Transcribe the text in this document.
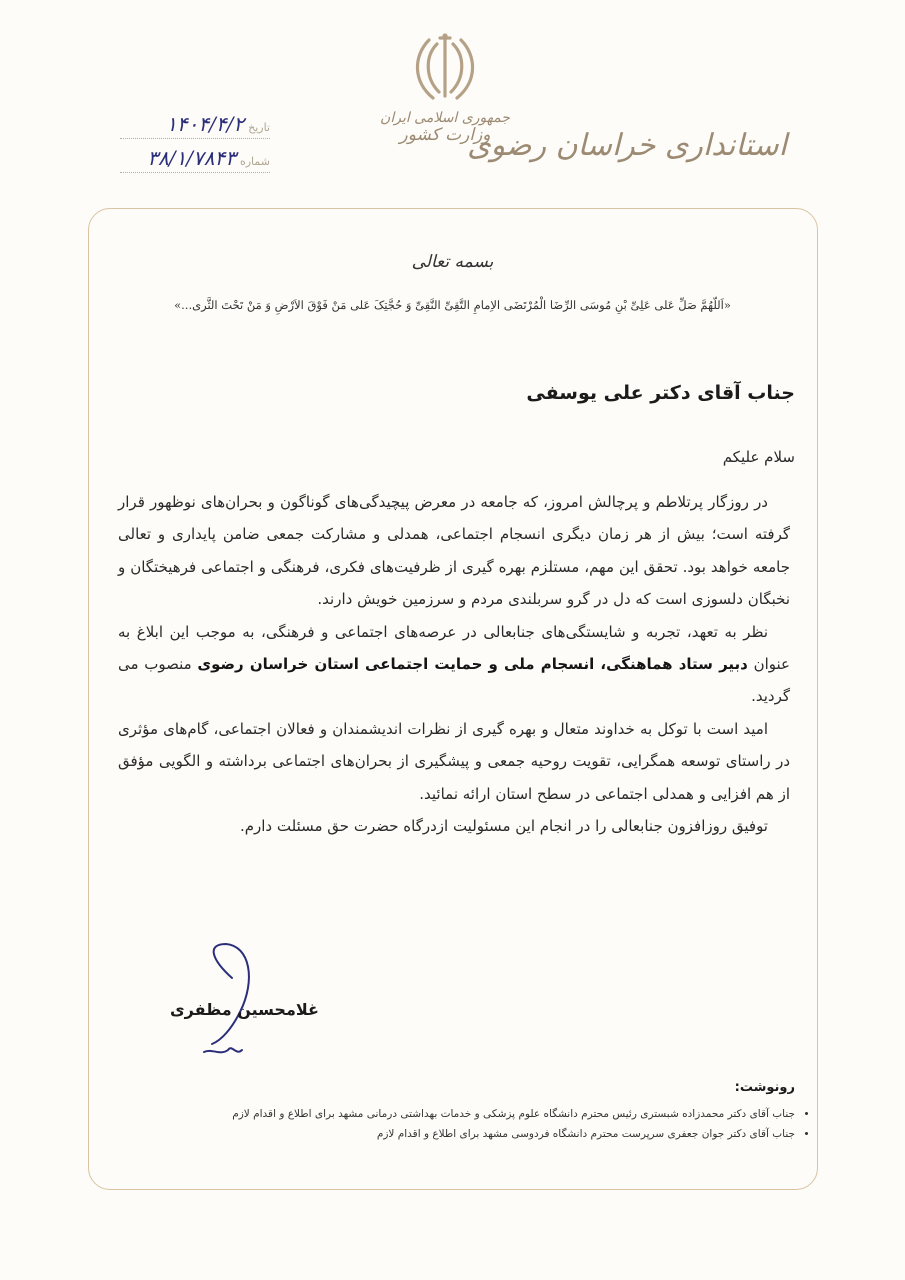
استانداری خراسان رضوی
جمهوری اسلامی ایران
وزارت کشور
تاریخ
۱۴۰۴/۴/۲
شماره
۳۸/۱/۷۸۴۳
بسمه تعالی
«اَللّهُمَّ صَلِّ عَلی عَلِیِّ بْنِ مُوسَی الرِّضَا الْمُرْتَضَی الاِمامِ التَّقِیِّ النَّقِیِّ وَ حُجَّتِکَ عَلی مَنْ فَوْقَ الاَرْضِ وَ مَنْ تَحْتَ الثَّری...»
جناب آقای دکتر علی یوسفی
سلام علیکم

در روزگار پرتلاطم و پرچالش امروز، که جامعه در معرض پیچیدگی‌های گوناگون و بحران‌های نوظهور قرار گرفته است؛ بیش از هر زمان دیگری انسجام اجتماعی، همدلی و مشارکت جمعی ضامن پایداری و تعالی جامعه خواهد بود. تحقق این مهم، مستلزم بهره گیری از ظرفیت‌های فکری، فرهنگی و اجتماعی فرهیختگان و نخبگان دلسوزی است که دل در گرو سربلندی مردم و سرزمین خویش دارند.

نظر به تعهد، تجربه و شایستگی‌های جنابعالی در عرصه‌های اجتماعی و فرهنگی، به موجب این ابلاغ به عنوان دبیر ستاد هماهنگی، انسجام ملی و حمایت اجتماعی استان خراسان رضوی منصوب می گردید.

امید است با توکل به خداوند متعال و بهره گیری از نظرات اندیشمندان و فعالان اجتماعی، گام‌های مؤثری در راستای توسعه همگرایی، تقویت روحیه جمعی و پیشگیری از بحران‌های اجتماعی برداشته و الگویی مؤفق از هم افزایی و همدلی اجتماعی در سطح استان ارائه نمائید.

توفیق روزافزون جنابعالی را در انجام این مسئولیت ازدرگاه حضرت حق مسئلت دارم.

غلامحسین مظفری
رونوشت:
• جناب آقای دکتر محمدزاده شبستری رئیس محترم دانشگاه علوم پزشکی و خدمات بهداشتی درمانی مشهد برای اطلاع و اقدام لازم
• جناب آقای دکتر جوان جعفری سرپرست محترم دانشگاه فردوسی مشهد برای اطلاع و اقدام لازم
